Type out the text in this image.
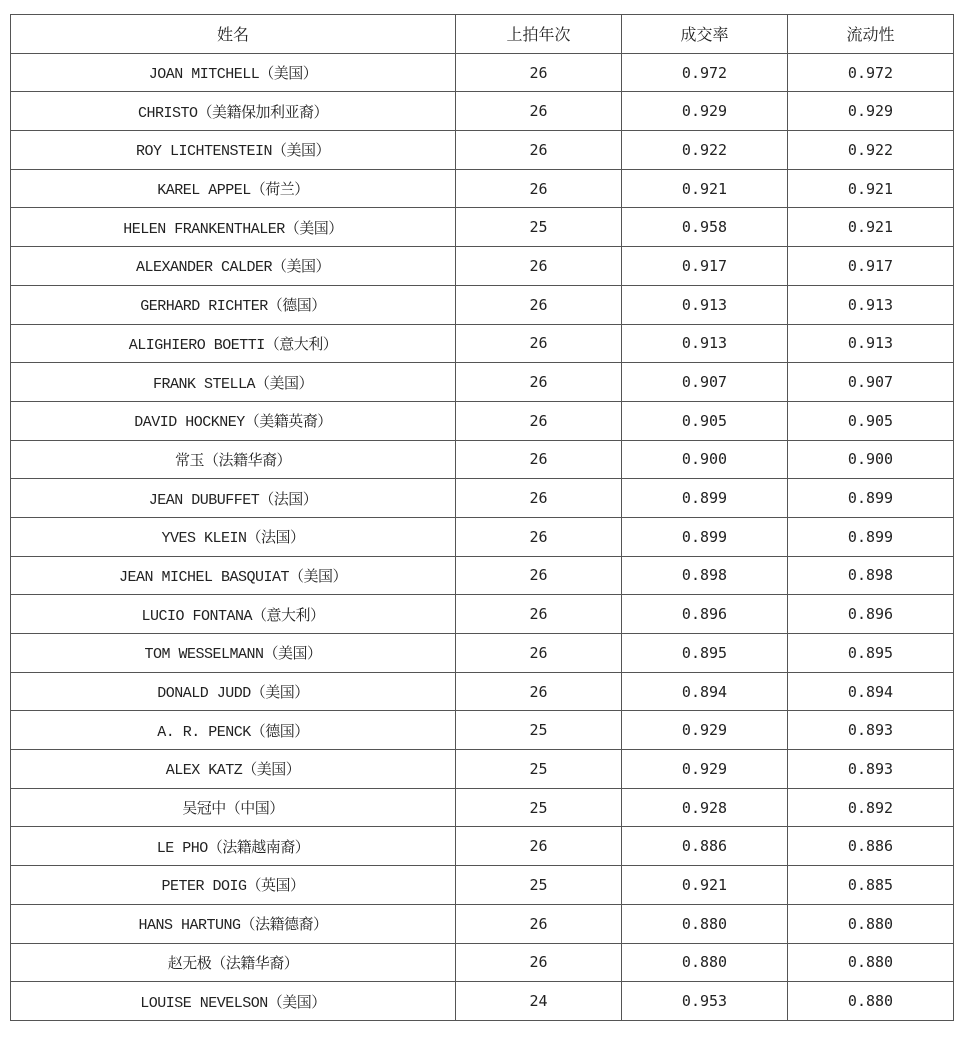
姓名	上拍年次	成交率	流动性
JOAN MITCHELL（美国）	26	0.972	0.972
CHRISTO（美籍保加利亚裔）	26	0.929	0.929
ROY LICHTENSTEIN（美国）	26	0.922	0.922
KAREL APPEL（荷兰）	26	0.921	0.921
HELEN FRANKENTHALER（美国）	25	0.958	0.921
ALEXANDER CALDER（美国）	26	0.917	0.917
GERHARD RICHTER（德国）	26	0.913	0.913
ALIGHIERO BOETTI（意大利）	26	0.913	0.913
FRANK STELLA（美国）	26	0.907	0.907
DAVID HOCKNEY（美籍英裔）	26	0.905	0.905
常玉（法籍华裔）	26	0.900	0.900
JEAN DUBUFFET（法国）	26	0.899	0.899
YVES KLEIN（法国）	26	0.899	0.899
JEAN MICHEL BASQUIAT（美国）	26	0.898	0.898
LUCIO FONTANA（意大利）	26	0.896	0.896
TOM WESSELMANN（美国）	26	0.895	0.895
DONALD JUDD（美国）	26	0.894	0.894
A. R. PENCK（德国）	25	0.929	0.893
ALEX KATZ（美国）	25	0.929	0.893
吴冠中（中国）	25	0.928	0.892
LE PHO（法籍越南裔）	26	0.886	0.886
PETER DOIG（英国）	25	0.921	0.885
HANS HARTUNG（法籍德裔）	26	0.880	0.880
赵无极（法籍华裔）	26	0.880	0.880
LOUISE NEVELSON（美国）	24	0.953	0.880
